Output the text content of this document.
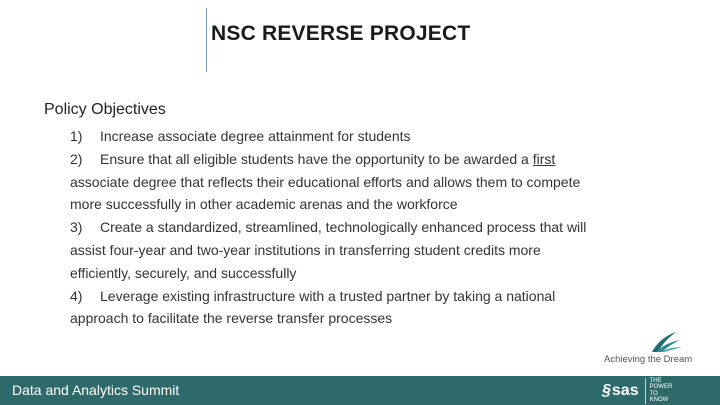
NSC REVERSE PROJECT
Policy Objectives
1) Increase associate degree attainment for students
2) Ensure that all eligible students have the opportunity to be awarded a first
associate degree that reflects their educational efforts and allows them to compete
more successfully in other academic arenas and the workforce
3) Create a standardized, streamlined, technologically enhanced process that will
assist four-year and two-year institutions in transferring student credits more
efficiently, securely, and successfully
4) Leverage existing infrastructure with a trusted partner by taking a national
approach to facilitate the reverse transfer processes
Achieving the Dream
Data and Analytics Summit	§ sas
THE POWER TO KNOW
